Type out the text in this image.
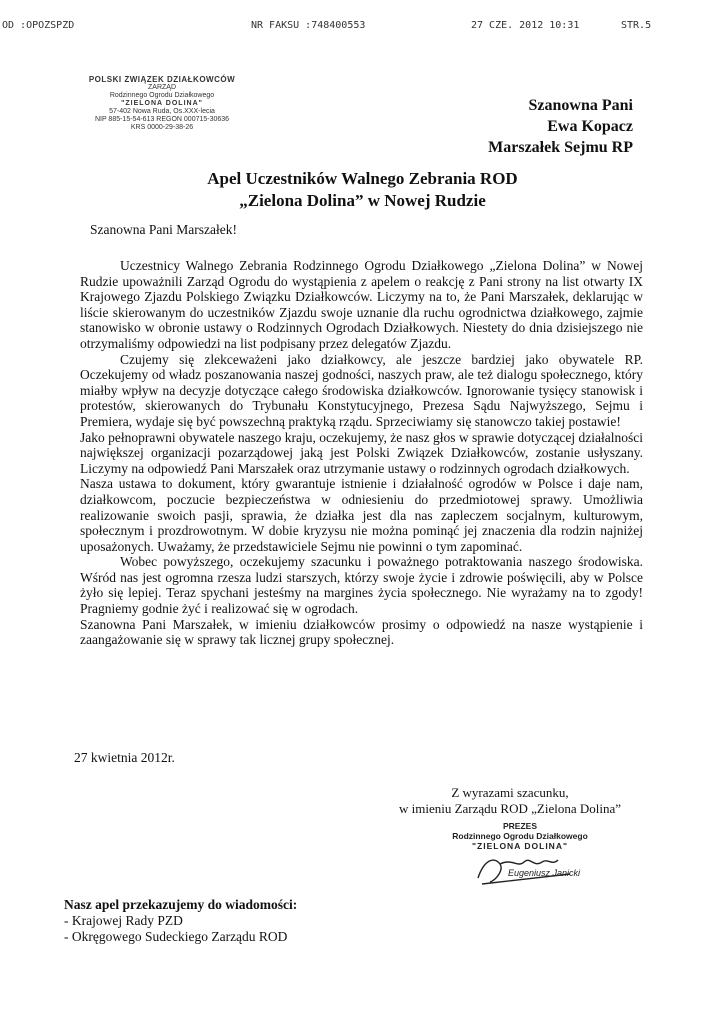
OD :OPOZSPZD	NR FAKSU :748400553	27 CZE. 2012 10:31	STR.5
POLSKI ZWIĄZEK DZIAŁKOWCÓW
ZARZĄD
Rodzinnego Ogrodu Działkowego
"ZIELONA DOLINA"
57-402 Nowa Ruda, Os.XXX-lecia
NIP 885-15-54-613 REGON 000715-30636
KRS 0000-29-38-26
Szanowna Pani
Ewa Kopacz
Marszałek Sejmu RP
Apel Uczestników Walnego Zebrania ROD
„Zielona Dolina” w Nowej Rudzie
Szanowna Pani Marszałek!

Uczestnicy Walnego Zebrania Rodzinnego Ogrodu Działkowego „Zielona Dolina” w Nowej Rudzie upoważnili Zarząd Ogrodu do wystąpienia z apelem o reakcję z Pani strony na list otwarty IX Krajowego Zjazdu Polskiego Związku Działkowców. Liczymy na to, że Pani Marszałek, deklarując w liście skierowanym do uczestników Zjazdu swoje uznanie dla ruchu ogrodnictwa działkowego, zajmie stanowisko w obronie ustawy o Rodzinnych Ogrodach Działkowych. Niestety do dnia dzisiejszego nie otrzymaliśmy odpowiedzi na list podpisany przez delegatów Zjazdu.

Czujemy się zlekceważeni jako działkowcy, ale jeszcze bardziej jako obywatele RP. Oczekujemy od władz poszanowania naszej godności, naszych praw, ale też dialogu społecznego, który miałby wpływ na decyzje dotyczące całego środowiska działkowców. Ignorowanie tysięcy stanowisk i protestów, skierowanych do Trybunału Konstytucyjnego, Prezesa Sądu Najwyższego, Sejmu i Premiera, wydaje się być powszechną praktyką rządu. Sprzeciwiamy się stanowczo takiej postawie!

Jako pełnoprawni obywatele naszego kraju, oczekujemy, że nasz głos w sprawie dotyczącej działalności największej organizacji pozarządowej jaką jest Polski Związek Działkowców, zostanie usłyszany. Liczymy na odpowiedź Pani Marszałek oraz utrzymanie ustawy o rodzinnych ogrodach działkowych.

Nasza ustawa to dokument, który gwarantuje istnienie i działalność ogrodów w Polsce i daje nam, działkowcom, poczucie bezpieczeństwa w odniesieniu do przedmiotowej sprawy. Umożliwia realizowanie swoich pasji, sprawia, że działka jest dla nas zapleczem socjalnym, kulturowym, społecznym i prozdrowotnym. W dobie kryzysu nie można pominąć jej znaczenia dla rodzin najniżej uposażonych. Uważamy, że przedstawiciele Sejmu nie powinni o tym zapominać.

Wobec powyższego, oczekujemy szacunku i poważnego potraktowania naszego środowiska. Wśród nas jest ogromna rzesza ludzi starszych, którzy swoje życie i zdrowie poświęcili, aby w Polsce żyło się lepiej. Teraz spychani jesteśmy na margines życia społecznego. Nie wyrażamy na to zgody! Pragniemy godnie żyć i realizować się w ogrodach.

Szanowna Pani Marszałek, w imieniu działkowców prosimy o odpowiedź na nasze wystąpienie i zaangażowanie się w sprawy tak licznej grupy społecznej.

27 kwietnia 2012r.
Z wyrazami szacunku,
w imieniu Zarządu ROD „Zielona Dolina”
PREZES
Rodzinnego Ogrodu Działkowego
"ZIELONA DOLINA"
Eugeniusz Janicki
Nasz apel przekazujemy do wiadomości:
- Krajowej Rady PZD
- Okręgowego Sudeckiego Zarządu ROD
